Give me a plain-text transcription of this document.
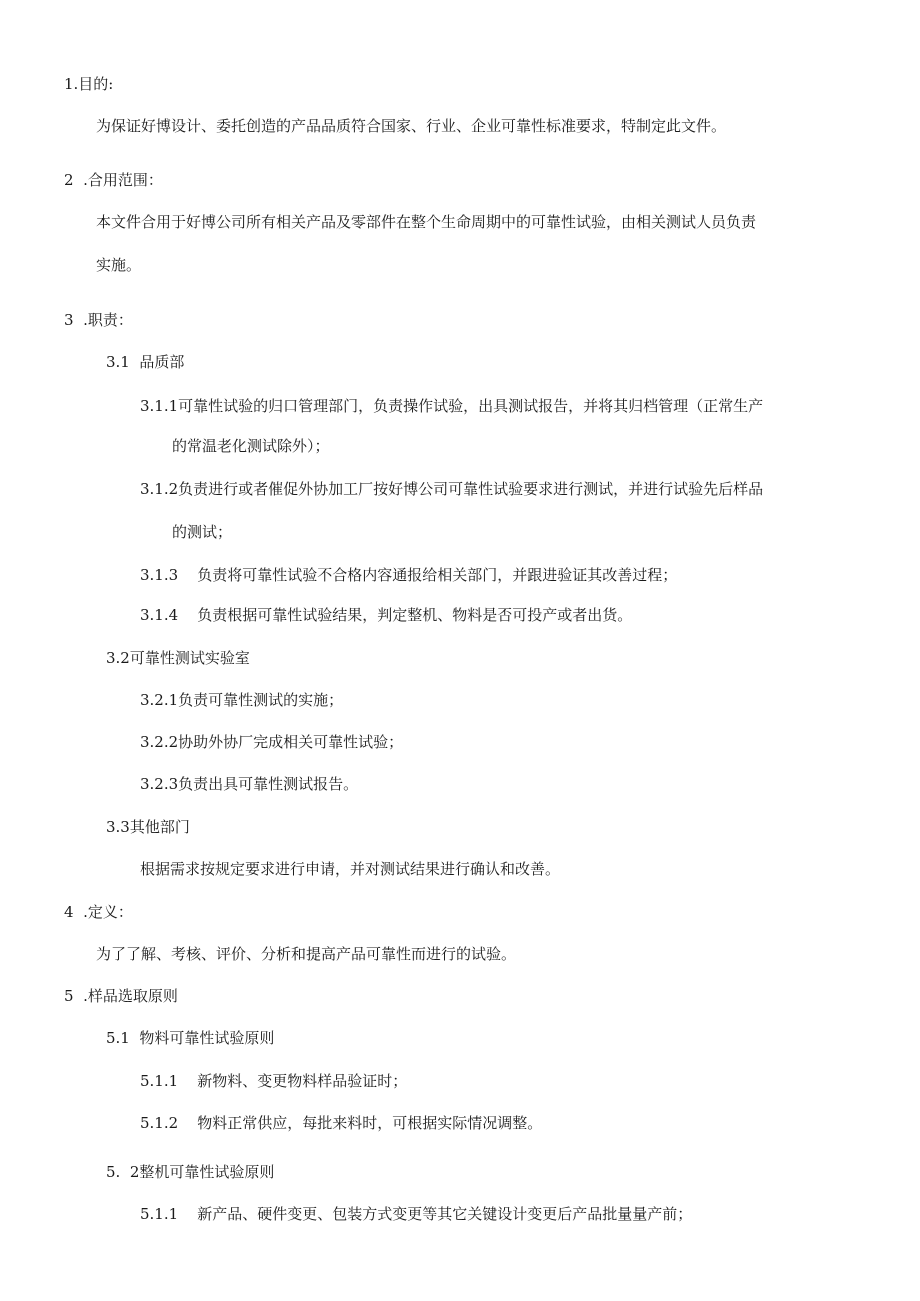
1.目的:
为保证好博设计、委托创造的产品品质符合国家、行业、企业可靠性标准要求，特制定此文件。
2  .合用范围：
本文件合用于好博公司所有相关产品及零部件在整个生命周期中的可靠性试验，由相关测试人员负责
实施。
3  .职责：
3.1  品质部
3.1.1可靠性试验的归口管理部门，负责操作试验，出具测试报告，并将其归档管理（正常生产
的常温老化测试除外）；
3.1.2负责进行或者催促外协加工厂按好博公司可靠性试验要求进行测试，并进行试验先后样品
的测试；
3.1.3    负责将可靠性试验不合格内容通报给相关部门，并跟进验证其改善过程；
3.1.4    负责根据可靠性试验结果，判定整机、物料是否可投产或者出货。
3.2可靠性测试实验室
3.2.1负责可靠性测试的实施；
3.2.2协助外协厂完成相关可靠性试验；
3.2.3负责出具可靠性测试报告。
3.3其他部门
根据需求按规定要求进行申请，并对测试结果进行确认和改善。
4  .定义：
为了了解、考核、评价、分析和提高产品可靠性而进行的试验。
5  .样品选取原则
5.1  物料可靠性试验原则
5.1.1    新物料、变更物料样品验证时；
5.1.2    物料正常供应，每批来料时，可根据实际情况调整。
5.  2整机可靠性试验原则
5.1.1    新产品、硬件变更、包装方式变更等其它关键设计变更后产品批量量产前；
